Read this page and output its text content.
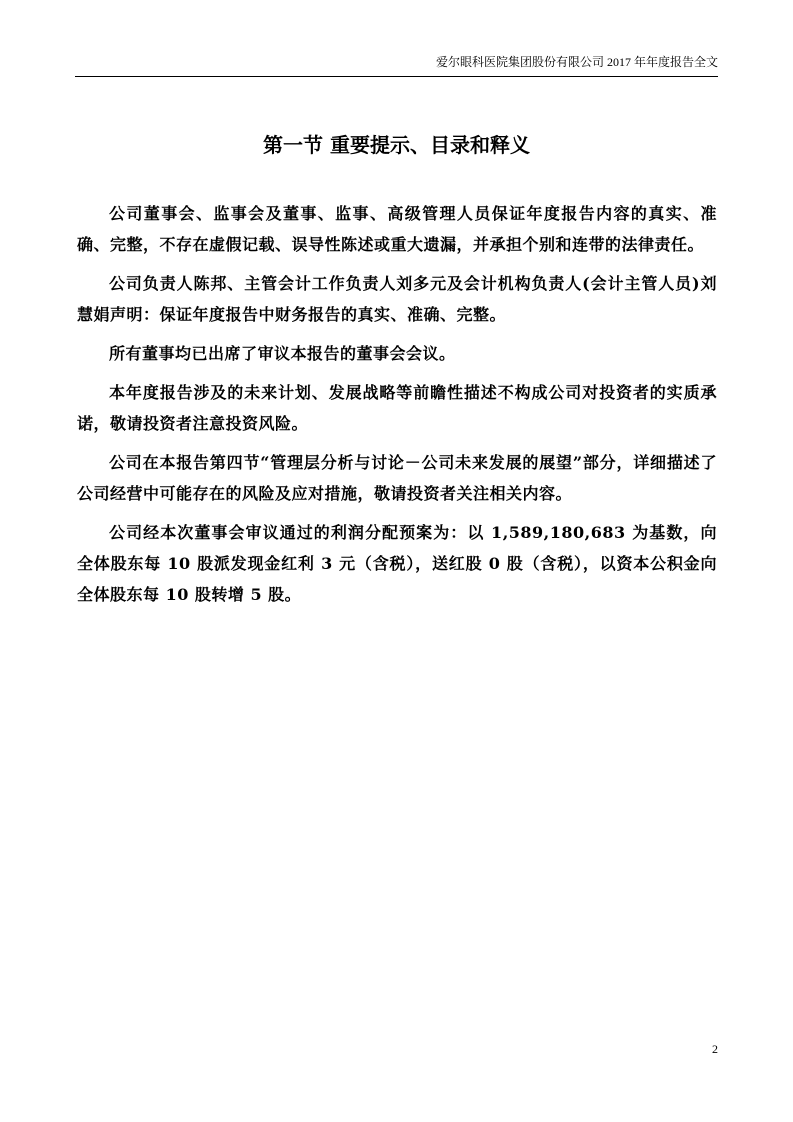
爱尔眼科医院集团股份有限公司 2017 年年度报告全文
第一节 重要提示、目录和释义

公司董事会、监事会及董事、监事、高级管理人员保证年度报告内容的真实、准确、完整，不存在虚假记载、误导性陈述或重大遗漏，并承担个别和连带的法律责任。

公司负责人陈邦、主管会计工作负责人刘多元及会计机构负责人(会计主管人员)刘慧娟声明：保证年度报告中财务报告的真实、准确、完整。

所有董事均已出席了审议本报告的董事会会议。

本年度报告涉及的未来计划、发展战略等前瞻性描述不构成公司对投资者的实质承诺，敬请投资者注意投资风险。

公司在本报告第四节“管理层分析与讨论－公司未来发展的展望”部分，详细描述了公司经营中可能存在的风险及应对措施，敬请投资者关注相关内容。

公司经本次董事会审议通过的利润分配预案为：以 1,589,180,683 为基数，向全体股东每 10 股派发现金红利 3 元（含税），送红股 0 股（含税），以资本公积金向全体股东每 10 股转增 5 股。

2
